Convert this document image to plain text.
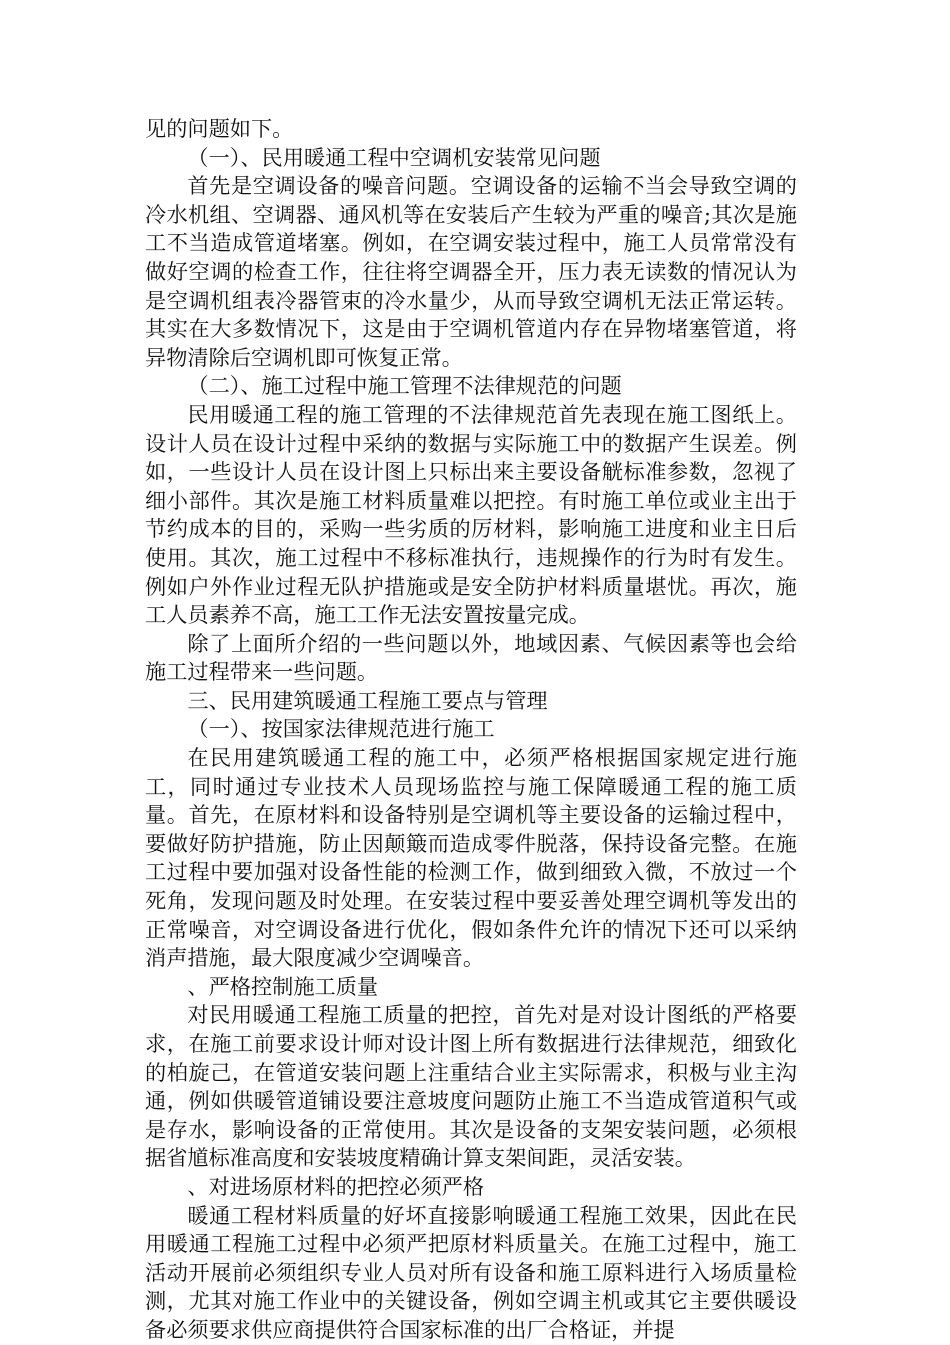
见的问题如下。

（一）、民用暖通工程中空调机安装常见问题

首先是空调设备的噪音问题。空调设备的运输不当会导致空调的冷水机组、空调器、通风机等在安装后产生较为严重的噪音;其次是施工不当造成管道堵塞。例如，在空调安装过程中，施工人员常常没有做好空调的检查工作，往往将空调器全开，压力表无读数的情况认为是空调机组表冷器管束的冷水量少，从而导致空调机无法正常运转。其实在大多数情况下，这是由于空调机管道内存在异物堵塞管道，将异物清除后空调机即可恢复正常。

（二）、施工过程中施工管理不法律规范的问题

民用暖通工程的施工管理的不法律规范首先表现在施工图纸上。设计人员在设计过程中采纳的数据与实际施工中的数据产生误差。例如，一些设计人员在设计图上只标出来主要设备觥标准参数，忽视了细小部件。其次是施工材料质量难以把控。有时施工单位或业主出于节约成本的目的，采购一些劣质的厉材料，影响施工进度和业主日后使用。其次，施工过程中不移标准执行，违规操作的行为时有发生。例如户外作业过程无队护措施或是安全防护材料质量堪忧。再次，施工人员素养不高，施工工作无法安置按量完成。

除了上面所介绍的一些问题以外，地域因素、气候因素等也会给施工过程带来一些问题。

三、民用建筑暖通工程施工要点与管理

（一）、按国家法律规范进行施工

在民用建筑暖通工程的施工中，必须严格根据国家规定进行施工，同时通过专业技术人员现场监控与施工保障暖通工程的施工质量。首先，在原材料和设备特别是空调机等主要设备的运输过程中，要做好防护措施，防止因颠簸而造成零件脱落，保持设备完整。在施工过程中要加强对设备性能的检测工作，做到细致入微，不放过一个死角，发现问题及时处理。在安装过程中要妥善处理空调机等发出的正常噪音，对空调设备进行优化，假如条件允许的情况下还可以采纳消声措施，最大限度减少空调噪音。

、严格控制施工质量

对民用暖通工程施工质量的把控，首先对是对设计图纸的严格要求，在施工前要求设计师对设计图上所有数据进行法律规范，细致化的柏旋己，在管道安装问题上注重结合业主实际需求，积极与业主沟通，例如供暖管道铺设要注意坡度问题防止施工不当造成管道积气或是存水，影响设备的正常使用。其次是设备的支架安装问题，必须根据省馗标准高度和安装坡度精确计算支架间距，灵活安装。

、对进场原材料的把控必须严格

暖通工程材料质量的好坏直接影响暖通工程施工效果，因此在民用暖通工程施工过程中必须严把原材料质量关。在施工过程中，施工活动开展前必须组织专业人员对所有设备和施工原料进行入场质量检测，尤其对施工作业中的关键设备，例如空调主机或其它主要供暖设备必须要求供应商提供符合国家标准的出厂合格证，并提
